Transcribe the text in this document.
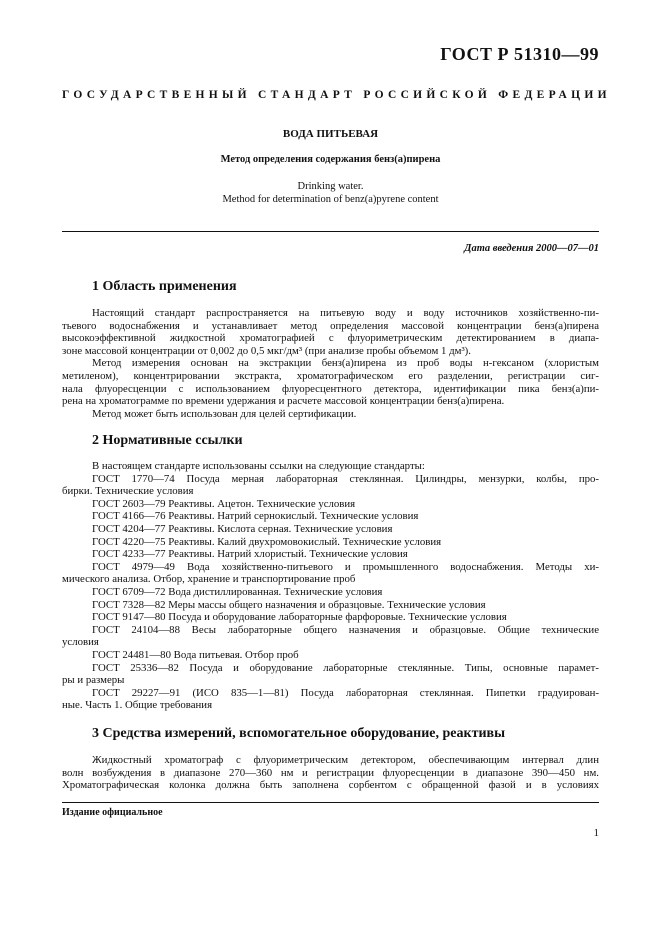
ГОСТ Р 51310—99
ГОСУДАРСТВЕННЫЙ СТАНДАРТ РОССИЙСКОЙ ФЕДЕРАЦИИ
ВОДА ПИТЬЕВАЯ
Метод определения содержания бенз(а)пирена
Drinking water.
Method for determination of benz(a)pyrene content
Дата введения 2000—07—01
1 Область применения

Настоящий стандарт распространяется на питьевую воду и воду источников хозяйственно-пи-

тьевого водоснабжения и устанавливает метод определения массовой концентрации бенз(а)пирена

высокоэффективной жидкостной хроматографией с флуориметрическим детектированием в диапа-

зоне массовой концентрации от 0,002 до 0,5 мкг/дм³ (при анализе пробы объемом 1 дм³).

Метод измерения основан на экстракции бенз(а)пирена из проб воды н-гексаном (хлористым

метиленом), концентрировании экстракта, хроматографическом его разделении, регистрации сиг-

нала флуоресценции с использованием флуоресцентного детектора, идентификации пика бенз(а)пи-

рена на хроматограмме по времени удержания и расчете массовой концентрации бенз(а)пирена.

Метод может быть использован для целей сертификации.

2 Нормативные ссылки

В настоящем стандарте использованы ссылки на следующие стандарты:

ГОСТ 1770—74 Посуда мерная лабораторная стеклянная. Цилиндры, мензурки, колбы, про-

бирки. Технические условия

ГОСТ 2603—79 Реактивы. Ацетон. Технические условия

ГОСТ 4166—76 Реактивы. Натрий сернокислый. Технические условия

ГОСТ 4204—77 Реактивы. Кислота серная. Технические условия

ГОСТ 4220—75 Реактивы. Калий двухромовокислый. Технические условия

ГОСТ 4233—77 Реактивы. Натрий хлористый. Технические условия

ГОСТ 4979—49 Вода хозяйственно-питьевого и промышленного водоснабжения. Методы хи-

мического анализа. Отбор, хранение и транспортирование проб

ГОСТ 6709—72 Вода дистиллированная. Технические условия

ГОСТ 7328—82 Меры массы общего назначения и образцовые. Технические условия

ГОСТ 9147—80 Посуда и оборудование лабораторные фарфоровые. Технические условия

ГОСТ 24104—88 Весы лабораторные общего назначения и образцовые. Общие технические

условия

ГОСТ 24481—80 Вода питьевая. Отбор проб

ГОСТ 25336—82 Посуда и оборудование лабораторные стеклянные. Типы, основные парамет-

ры и размеры

ГОСТ 29227—91 (ИСО 835—1—81) Посуда лабораторная стеклянная. Пипетки градуирован-

ные. Часть 1. Общие требования

3 Средства измерений, вспомогательное оборудование, реактивы

Жидкостный хроматограф с флуориметрическим детектором, обеспечивающим интервал длин

волн возбуждения в диапазоне 270—360 нм и регистрации флуоресценции в диапазоне 390—450 нм.

Хроматографическая колонка должна быть заполнена сорбентом с обращенной фазой и в условиях

Издание официальное
1
